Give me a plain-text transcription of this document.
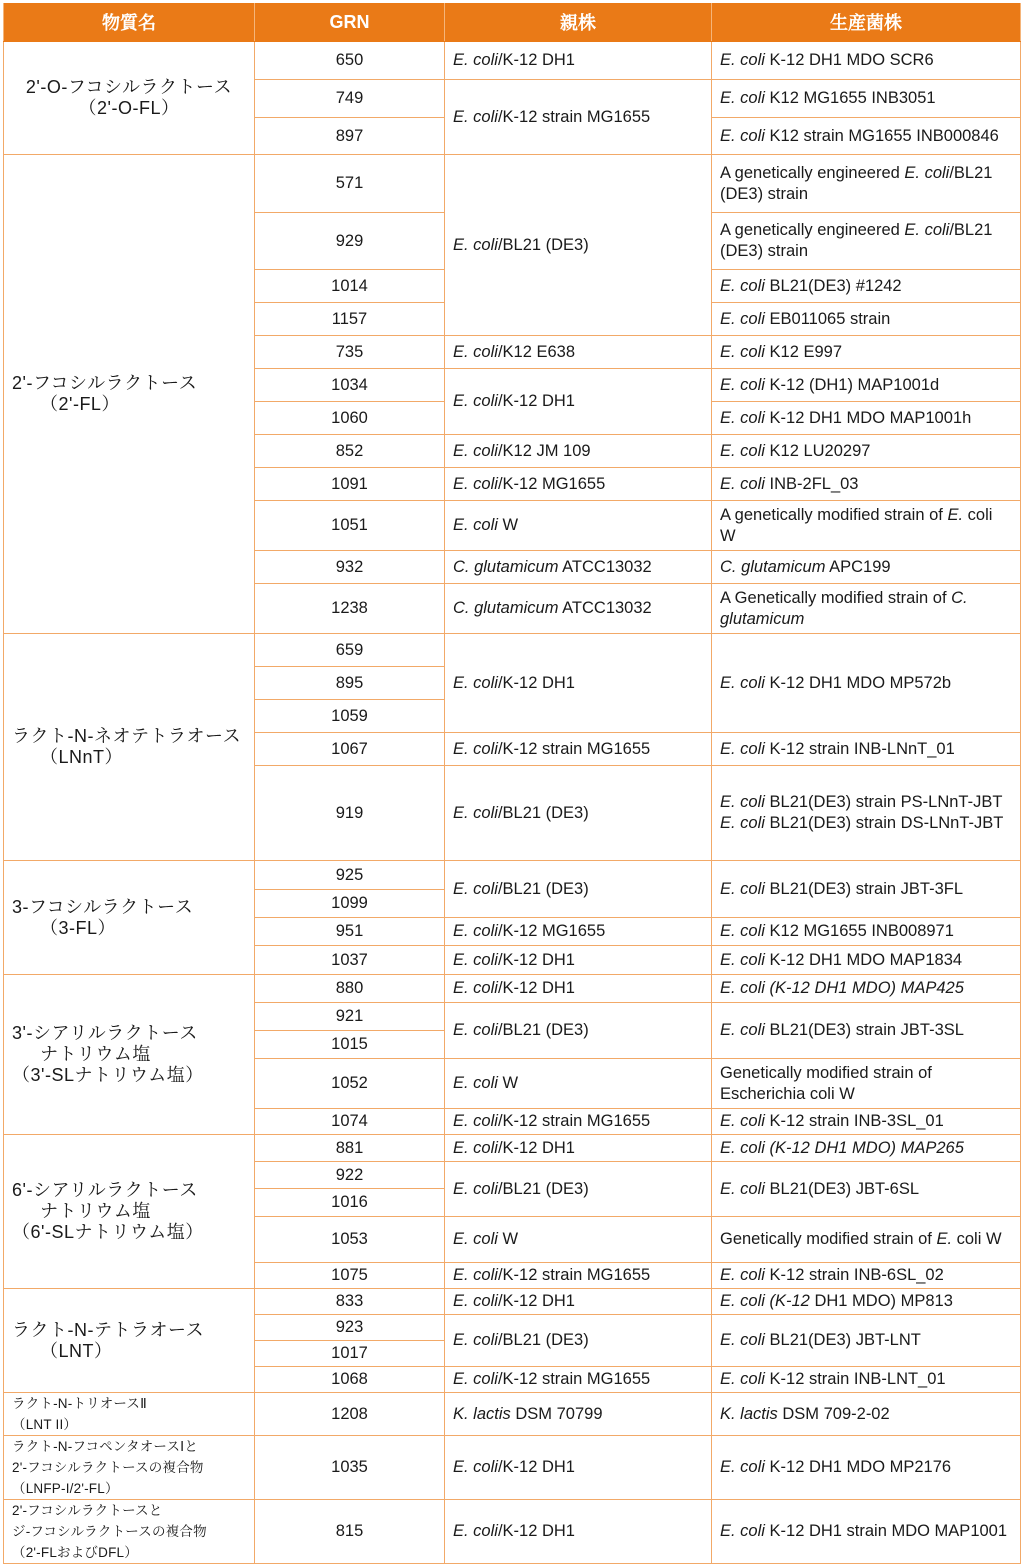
物質名	GRN	親株	生産菌株

2'-O-フコシルラクトース
（2'-O-FL）	650	E. coli/K-12 DH1	E. coli K-12 DH1 MDO SCR6
	749	E. coli/K-12 strain MG1655	E. coli K12 MG1655 INB3051
	897		E. coli K12 strain MG1655 INB000846

2'-フコシルラクトース
（2'-FL）	571	E. coli/BL21 (DE3)	A genetically engineered E. coli/BL21 (DE3) strain
	929		A genetically engineered E. coli/BL21 (DE3) strain
	1014		E. coli BL21(DE3) #1242
	1157		E. coli EB011065 strain
	735	E. coli/K12 E638	E. coli K12 E997
	1034	E. coli/K-12 DH1	E. coli K-12 (DH1) MAP1001d
	1060		E. coli K-12 DH1 MDO MAP1001h
	852	E. coli/K12 JM 109	E. coli K12 LU20297
	1091	E. coli/K-12 MG1655	E. coli INB-2FL_03
	1051	E. coli W	A genetically modified strain of E. coli W
	932	C. glutamicum ATCC13032	C. glutamicum APC199
	1238	C. glutamicum ATCC13032	A Genetically modified strain of C. glutamicum

ラクト-N-ネオテトラオース
（LNnT）	659	E. coli/K-12 DH1	E. coli K-12 DH1 MDO MP572b
	895		
	1059		
	1067	E. coli/K-12 strain MG1655	E. coli K-12 strain INB-LNnT_01
	919	E. coli/BL21 (DE3)	E. coli BL21(DE3) strain PS-LNnT-JBT
E. coli BL21(DE3) strain DS-LNnT-JBT

3-フコシルラクトース
（3-FL）	925	E. coli/BL21 (DE3)	E. coli BL21(DE3) strain JBT-3FL
	1099		
	951	E. coli/K-12 MG1655	E. coli K12 MG1655 INB008971
	1037	E. coli/K-12 DH1	E. coli K-12 DH1 MDO MAP1834

3'-シアリルラクトース
ナトリウム塩
（3'-SLナトリウム塩）	880	E. coli/K-12 DH1	E. coli (K-12 DH1 MDO) MAP425
	921	E. coli/BL21 (DE3)	E. coli BL21(DE3) strain JBT-3SL
	1015		
	1052	E. coli W	Genetically modified strain of Escherichia coli W
	1074	E. coli/K-12 strain MG1655	E. coli K-12 strain INB-3SL_01

6'-シアリルラクトース
ナトリウム塩
（6'-SLナトリウム塩）	881	E. coli/K-12 DH1	E. coli (K-12 DH1 MDO) MAP265
	922	E. coli/BL21 (DE3)	E. coli BL21(DE3) JBT-6SL
	1016		
	1053	E. coli W	Genetically modified strain of E. coli W
	1075	E. coli/K-12 strain MG1655	E. coli K-12 strain INB-6SL_02

ラクト-N-テトラオース
（LNT）	833	E. coli/K-12 DH1	E. coli (K-12 DH1 MDO) MP813
	923	E. coli/BL21 (DE3)	E. coli BL21(DE3) JBT-LNT
	1017		
	1068	E. coli/K-12 strain MG1655	E. coli K-12 strain INB-LNT_01

ラクト-N-トリオースⅡ
（LNT II）	1208	K. lactis DSM 70799	K. lactis DSM 709-2-02

ラクト-N-フコペンタオースⅠと
2'-フコシルラクトースの複合物
（LNFP-I/2'-FL）	1035	E. coli/K-12 DH1	E. coli K-12 DH1 MDO MP2176

2'-フコシルラクトースと
ジ-フコシルラクトースの複合物
（2'-FLおよびDFL）	815	E. coli/K-12 DH1	E. coli K-12 DH1 strain MDO MAP1001
